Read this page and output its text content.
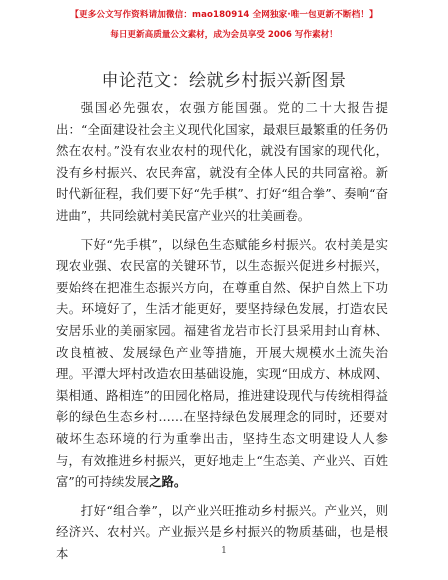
【更多公文写作资料请加微信：mao180914 全网独家·唯一包更新不断档！】
每日更新高质量公文素材，成为会员享受 2006 写作素材！
申论范文：绘就乡村振兴新图景

强国必先强农，农强方能国强。党的二十大报告提出：“全面建设社会主义现代化国家，最艰巨最繁重的任务仍然在农村。”没有农业农村的现代化，就没有国家的现代化，没有乡村振兴、农民奔富，就没有全体人民的共同富裕。新时代新征程，我们要下好“先手棋”、打好“组合拳”、奏响“奋进曲”，共同绘就村美民富产业兴的壮美画卷。

下好“先手棋”，以绿色生态赋能乡村振兴。农村美是实现农业强、农民富的关键环节，以生态振兴促进乡村振兴，要始终在把准生态振兴方向，在尊重自然、保护自然上下功夫。环境好了，生活才能更好，要坚持绿色发展，打造农民安居乐业的美丽家园。福建省龙岩市长汀县采用封山育林、改良植被、发展绿色产业等措施，开展大规模水土流失治理。平潭大坪村改造农田基础设施，实现“田成方、林成网、渠相通、路相连”的田园化格局，推进建设现代与传统相得益彰的绿色生态乡村……在坚持绿色发展理念的同时，还要对破坏生态环境的行为重拳出击，坚持生态文明建设人人参与，有效推进乡村振兴，更好地走上“生态美、产业兴、百姓富”的可持续发展之路。

打好“组合拳”，以产业兴旺推动乡村振兴。产业兴，则经济兴、农村兴。产业振兴是乡村振兴的物质基础，也是根本	1
